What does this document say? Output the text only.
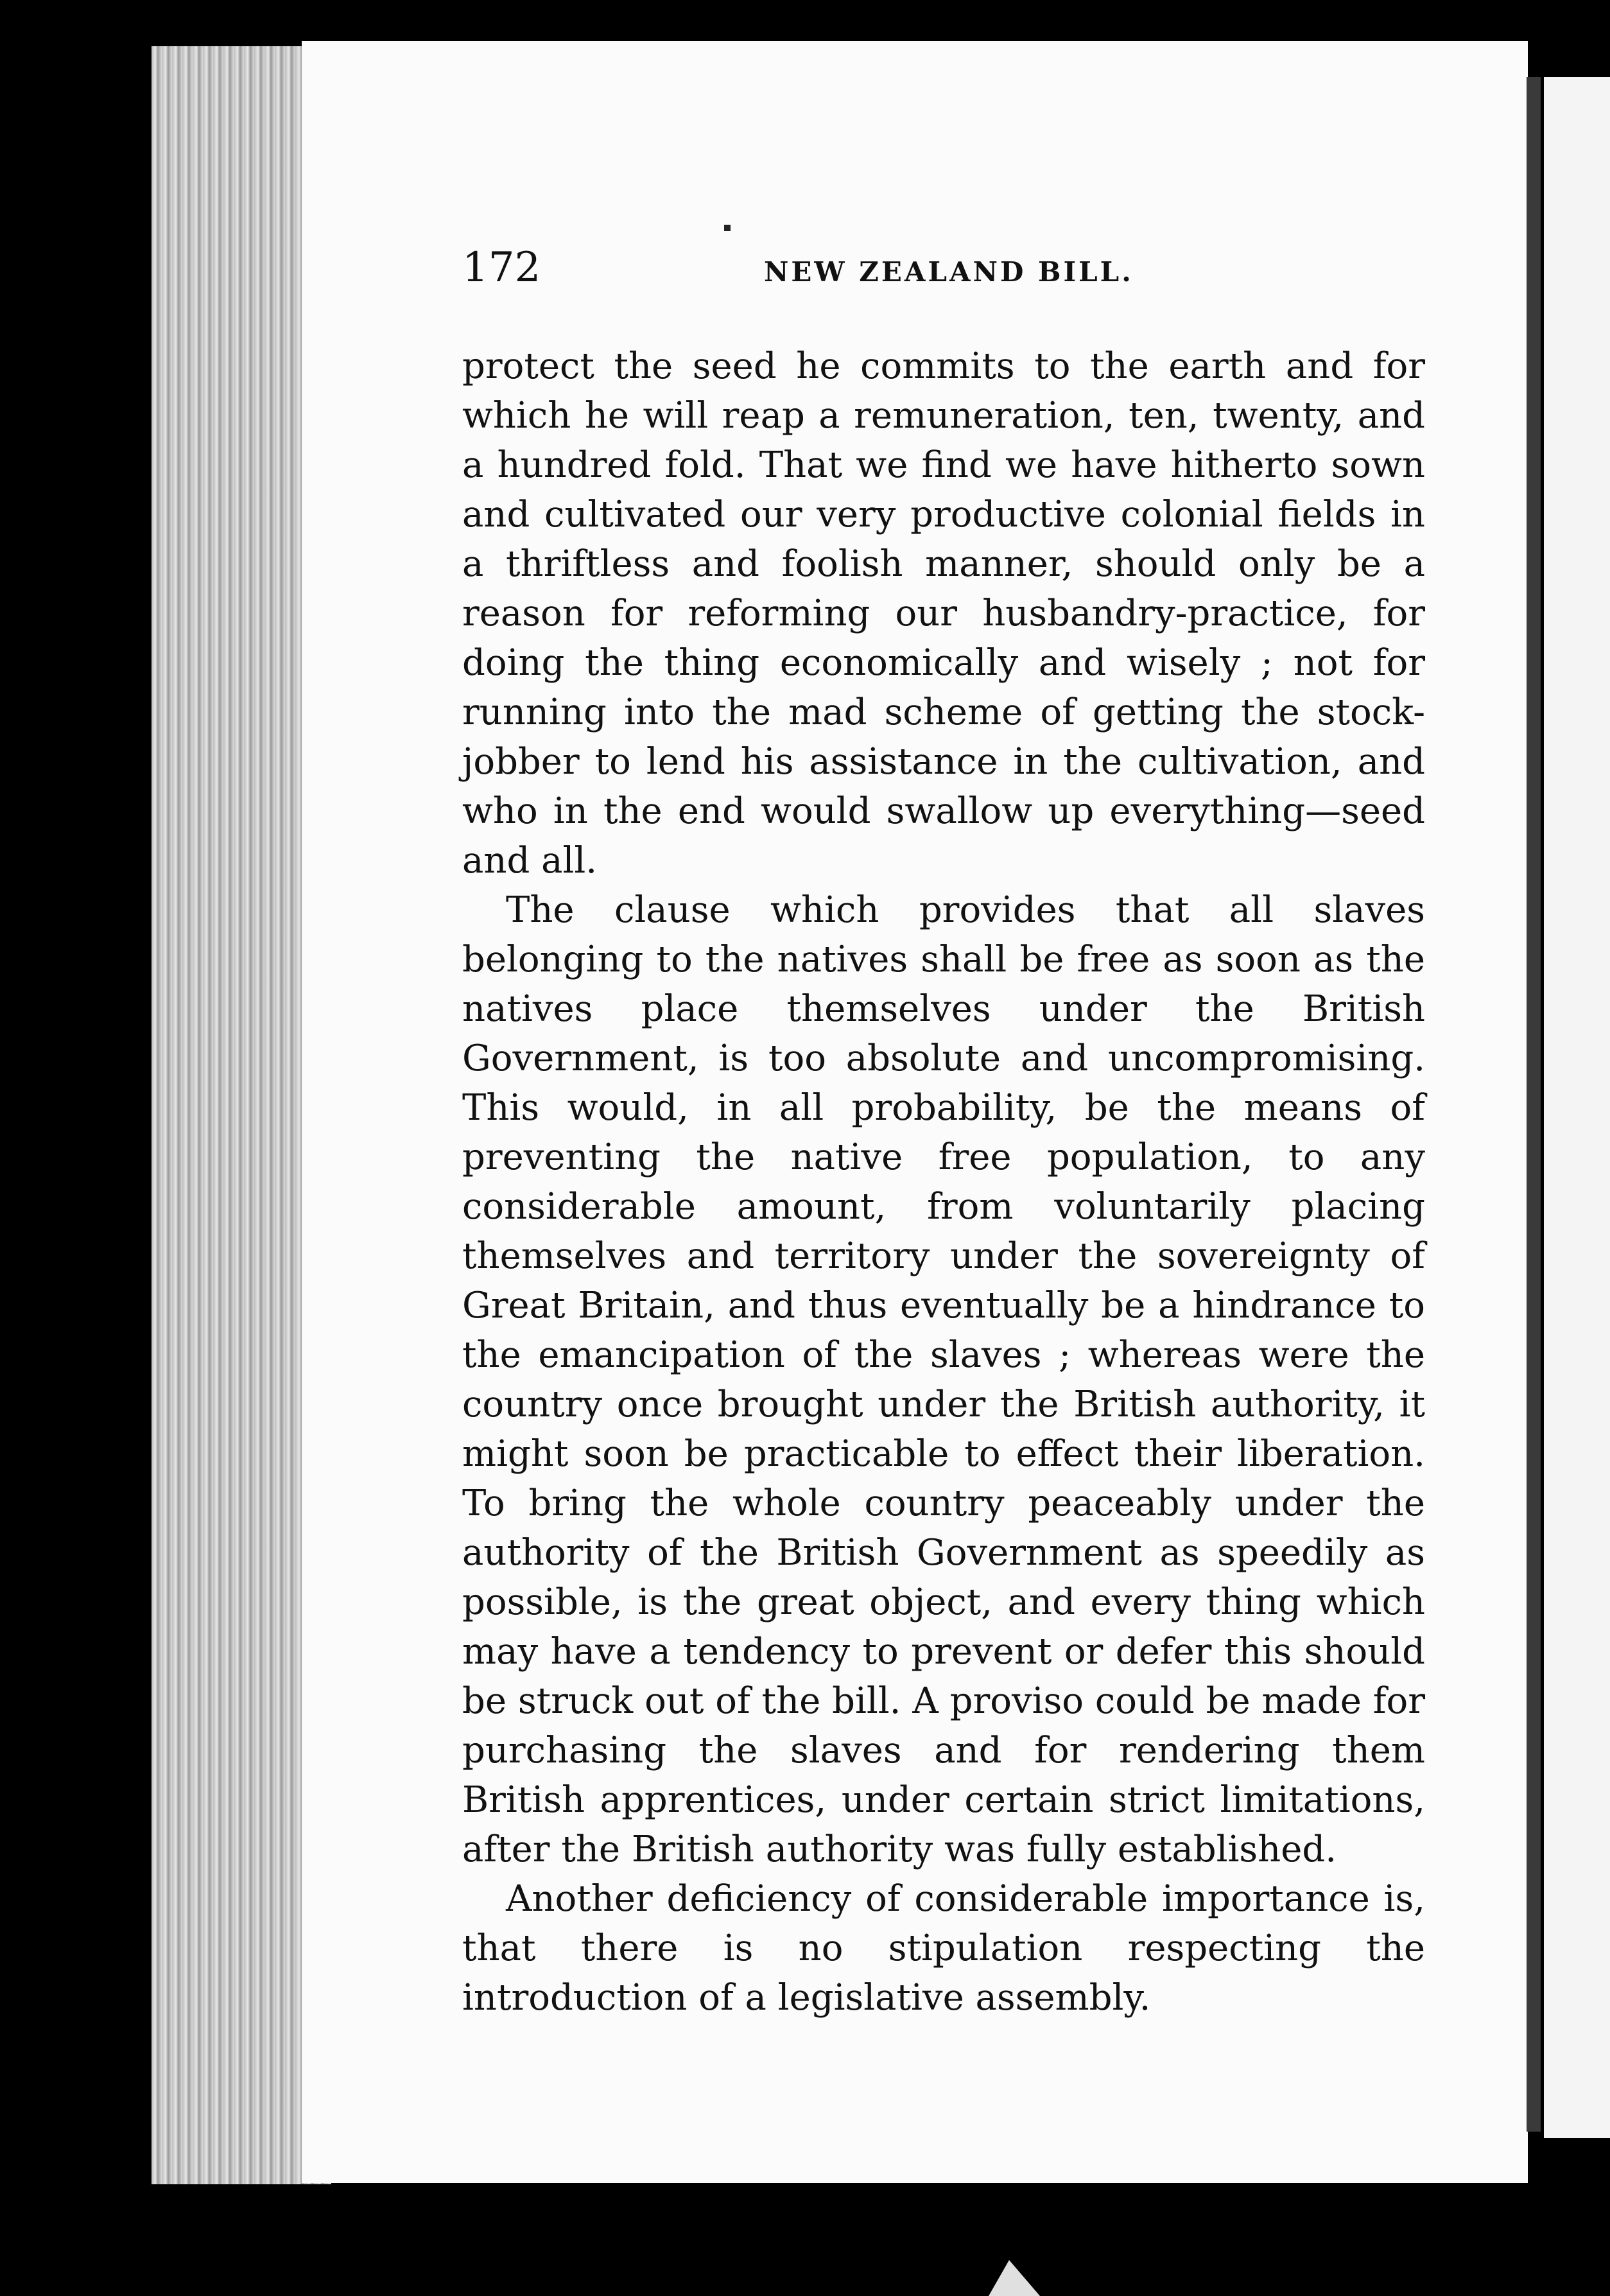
172	NEW ZEALAND BILL.

protect the seed he commits to the earth and for which he will reap a remuneration, ten, twenty, and a hundred fold. That we find we have hitherto sown and cultivated our very productive colonial fields in a thriftless and foolish manner, should only be a reason for reforming our husbandry-practice, for doing the thing economically and wisely ; not for running into the mad scheme of getting the stock-jobber to lend his assistance in the cultivation, and who in the end would swallow up everything—seed and all.

The clause which provides that all slaves belonging to the natives shall be free as soon as the natives place themselves under the British Government, is too absolute and uncompromising. This would, in all probability, be the means of preventing the native free population, to any considerable amount, from voluntarily placing themselves and territory under the sovereignty of Great Britain, and thus eventually be a hindrance to the emancipation of the slaves ; whereas were the country once brought under the British authority, it might soon be practicable to effect their liberation. To bring the whole country peaceably under the authority of the British Government as speedily as possible, is the great object, and every thing which may have a tendency to prevent or defer this should be struck out of the bill. A proviso could be made for purchasing the slaves and for rendering them British apprentices, under certain strict limitations, after the British authority was fully established.

Another deficiency of considerable importance is, that there is no stipulation respecting the introduction of a legislative assembly.
